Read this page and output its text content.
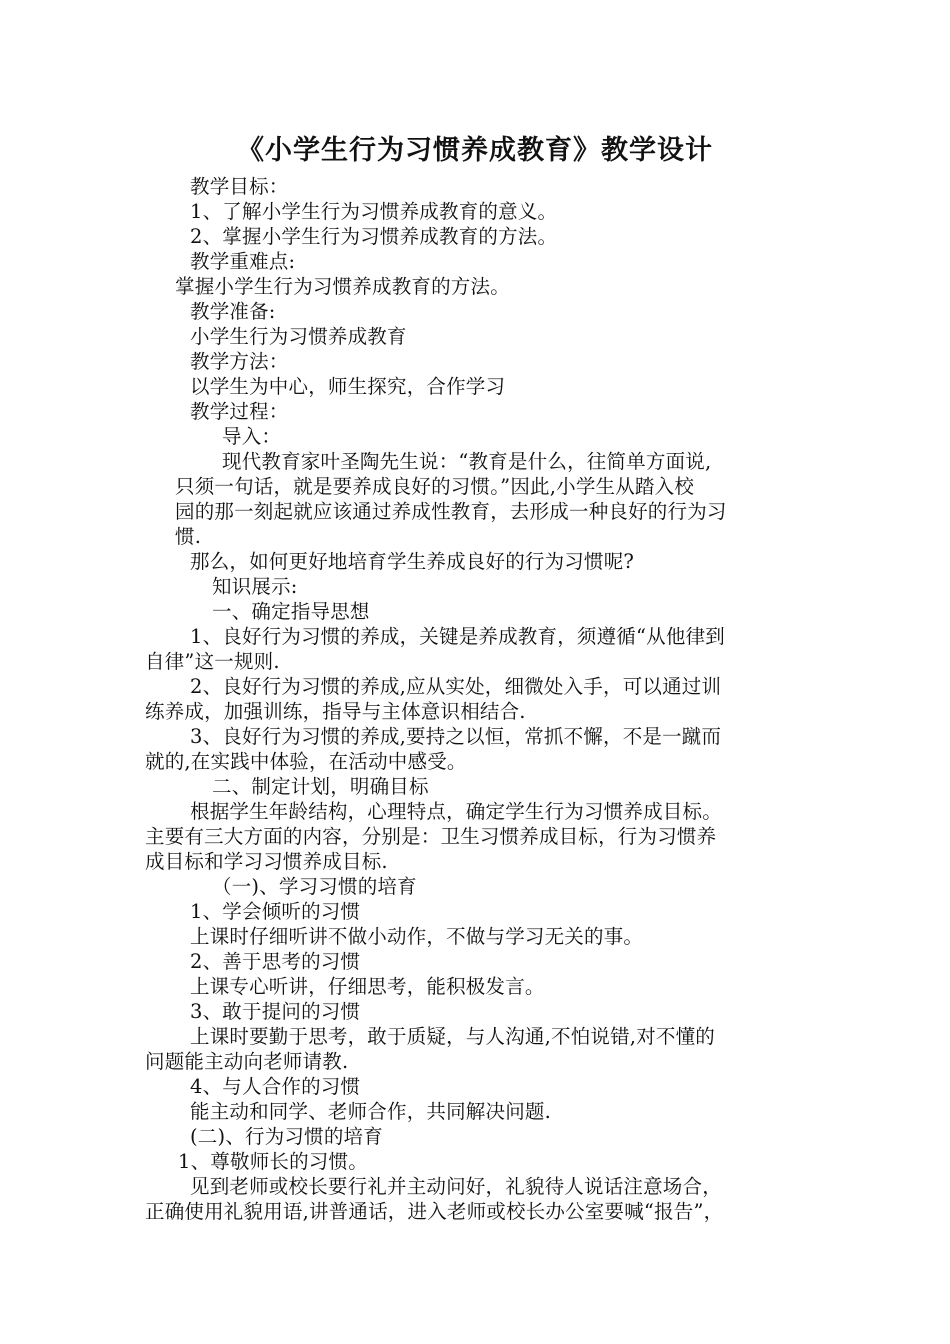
《小学生行为习惯养成教育》教学设计
教学目标：
1、了解小学生行为习惯养成教育的意义。
2、掌握小学生行为习惯养成教育的方法。
教学重难点:
掌握小学生行为习惯养成教育的方法。
教学准备:
小学生行为习惯养成教育
教学方法：
以学生为中心，师生探究，合作学习
教学过程：
导入：
现代教育家叶圣陶先生说：“教育是什么，往简单方面说,
只须一句话，就是要养成良好的习惯。”因此,小学生从踏入校
园的那一刻起就应该通过养成性教育，去形成一种良好的行为习
惯.
那么，如何更好地培育学生养成良好的行为习惯呢?
知识展示:
一、确定指导思想
1、良好行为习惯的养成，关键是养成教育，须遵循“从他律到
自律”这一规则.
2、良好行为习惯的养成,应从实处，细微处入手，可以通过训
练养成，加强训练，指导与主体意识相结合.
3、良好行为习惯的养成,要持之以恒，常抓不懈，不是一蹴而
就的,在实践中体验，在活动中感受。
二、制定计划，明确目标
根据学生年龄结构，心理特点，确定学生行为习惯养成目标。
主要有三大方面的内容，分别是：卫生习惯养成目标，行为习惯养
成目标和学习习惯养成目标.
（一)、学习习惯的培育
1、学会倾听的习惯
上课时仔细听讲不做小动作，不做与学习无关的事。
2、善于思考的习惯
上课专心听讲，仔细思考，能积极发言。
3、敢于提问的习惯
上课时要勤于思考，敢于质疑，与人沟通,不怕说错,对不懂的
问题能主动向老师请教.
4、与人合作的习惯
能主动和同学、老师合作，共同解决问题.
(二)、行为习惯的培育
1、尊敬师长的习惯。
见到老师或校长要行礼并主动问好，礼貌待人说话注意场合，
正确使用礼貌用语,讲普通话，进入老师或校长办公室要喊“报告”，
